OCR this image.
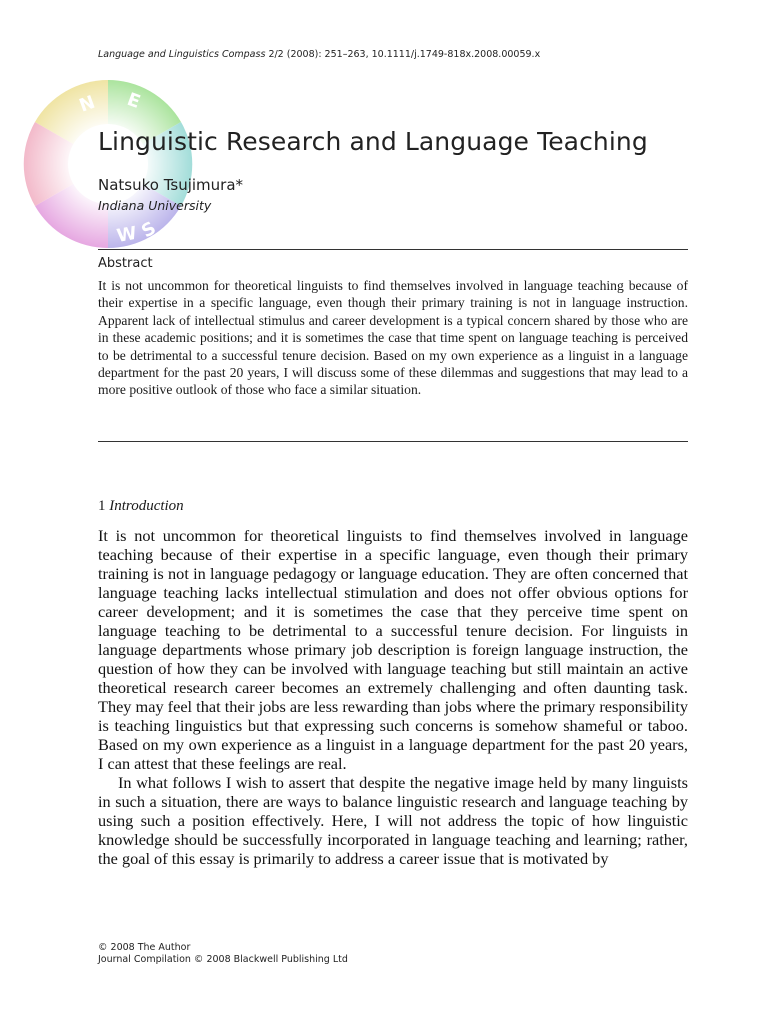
N E
W S
Language and Linguistics Compass 2/2 (2008): 251–263, 10.1111/j.1749-818x.2008.00059.x
Linguistic Research and Language Teaching
Natsuko Tsujimura*
Indiana University
Abstract

It is not uncommon for theoretical linguists to find themselves involved in language teaching because of their expertise in a specific language, even though their primary training is not in language instruction. Apparent lack of intellectual stimulus and career development is a typical concern shared by those who are in these academic positions; and it is sometimes the case that time spent on language teaching is perceived to be detrimental to a successful tenure decision. Based on my own experience as a linguist in a language department for the past 20 years, I will discuss some of these dilemmas and suggestions that may lead to a more positive outlook of those who face a similar situation.

1 Introduction

It is not uncommon for theoretical linguists to find themselves involved in language teaching because of their expertise in a specific language, even though their primary training is not in language pedagogy or language education. They are often concerned that language teaching lacks intellectual stimulation and does not offer obvious options for career development; and it is sometimes the case that they perceive time spent on language teaching to be detrimental to a successful tenure decision. For linguists in language departments whose primary job description is foreign language instruction, the question of how they can be involved with language teaching but still maintain an active theoretical research career becomes an extremely challenging and often daunting task. They may feel that their jobs are less rewarding than jobs where the primary responsibility is teaching linguistics but that expressing such concerns is somehow shameful or taboo. Based on my own experience as a linguist in a language department for the past 20 years, I can attest that these feelings are real.

In what follows I wish to assert that despite the negative image held by many linguists in such a situation, there are ways to balance linguistic research and language teaching by using such a position effectively. Here, I will not address the topic of how linguistic knowledge should be successfully incorporated in language teaching and learning; rather, the goal of this essay is primarily to address a career issue that is motivated by

© 2008 The Author
Journal Compilation © 2008 Blackwell Publishing Ltd
